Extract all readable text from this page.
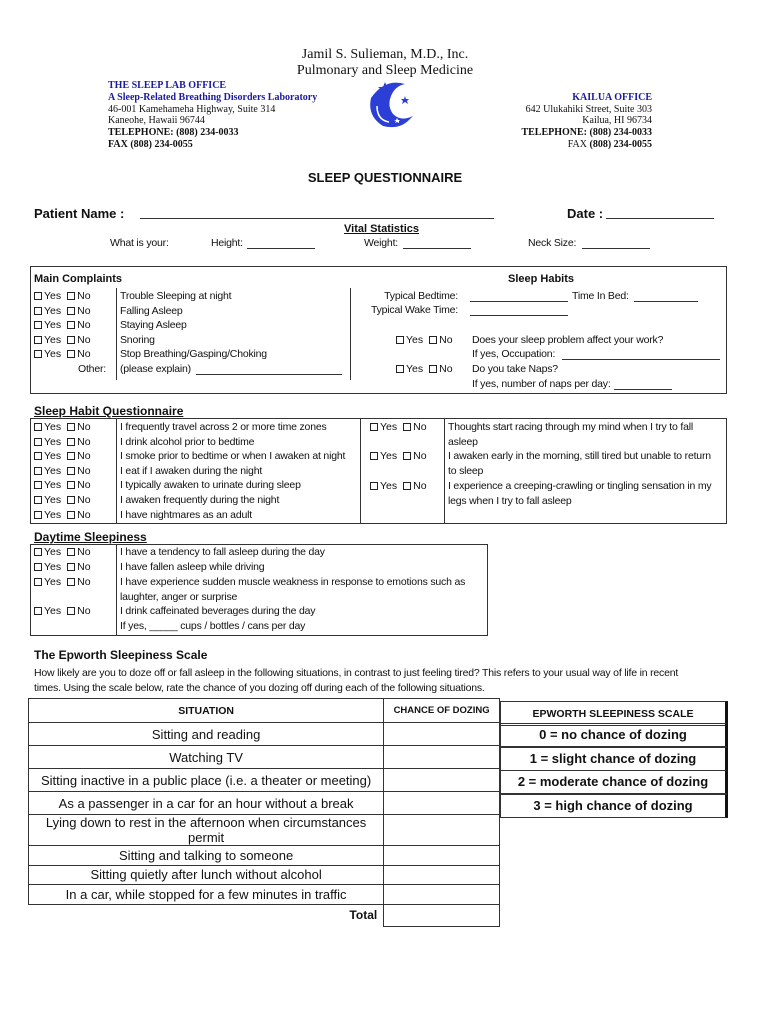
Jamil S. Sulieman, M.D., Inc.
Pulmonary and Sleep Medicine
THE SLEEP LAB OFFICE
A Sleep-Related Breathing Disorders Laboratory
46-001 Kamehameha Highway, Suite 314
Kaneohe, Hawaii 96744
TELEPHONE: (808) 234-0033
FAX (808) 234-0055
KAILUA OFFICE
642 Ulukahiki Street, Suite 303
Kailua, HI 96734
TELEPHONE: (808) 234-0033
FAX (808) 234-0055
SLEEP QUESTIONNAIRE
Patient Name :	Date :
Vital Statistics
What is your:	Height:	Weight:	Neck Size:
Main Complaints	Sleep Habits
Yes No	Trouble Sleeping at night
Yes No	Falling Asleep
Yes No	Staying Asleep
Yes No	Snoring
Yes No	Stop Breathing/Gasping/Choking
Other: (please explain)
Typical Bedtime:	Time In Bed:
Typical Wake Time:
Yes No Does your sleep problem affect your work?
If yes, Occupation:
Yes No Do you take Naps?
If yes, number of naps per day:
Sleep Habit Questionnaire
Yes No	I frequently travel across 2 or more time zones
Yes No	I drink alcohol prior to bedtime
Yes No	I smoke prior to bedtime or when I awaken at night
Yes No	I eat if I awaken during the night
Yes No	I typically awaken to urinate during sleep
Yes No	I awaken frequently during the night
Yes No	I have nightmares as an adult
Yes No Thoughts start racing through my mind when I try to fall
asleep
Yes No I awaken early in the morning, still tired but unable to return
to sleep
Yes No I experience a creeping-crawling or tingling sensation in my
legs when I try to fall asleep
Daytime Sleepiness
Yes No	I have a tendency to fall asleep during the day
Yes No	I have fallen asleep while driving
Yes No	I have experience sudden muscle weakness in response to emotions such as
laughter, anger or surprise
Yes No	I drink caffeinated beverages during the day
If yes, _____ cups / bottles / cans per day
The Epworth Sleepiness Scale
How likely are you to doze off or fall asleep in the following situations, in contrast to just feeling tired? This refers to your usual way of life in recent
times. Using the scale below, rate the chance of you dozing off during each of the following situations.
SITUATION	CHANCE OF DOZING
Sitting and reading	
Watching TV	
Sitting inactive in a public place (i.e. a theater or meeting)	
As a passenger in a car for an hour without a break	
Lying down to rest in the afternoon when circumstances permit	
Sitting and talking to someone	
Sitting quietly after lunch without alcohol	
In a car, while stopped for a few minutes in traffic	
Total	
EPWORTH SLEEPINESS SCALE
0 = no chance of dozing
1 = slight chance of dozing
2 = moderate chance of dozing
3 = high chance of dozing
